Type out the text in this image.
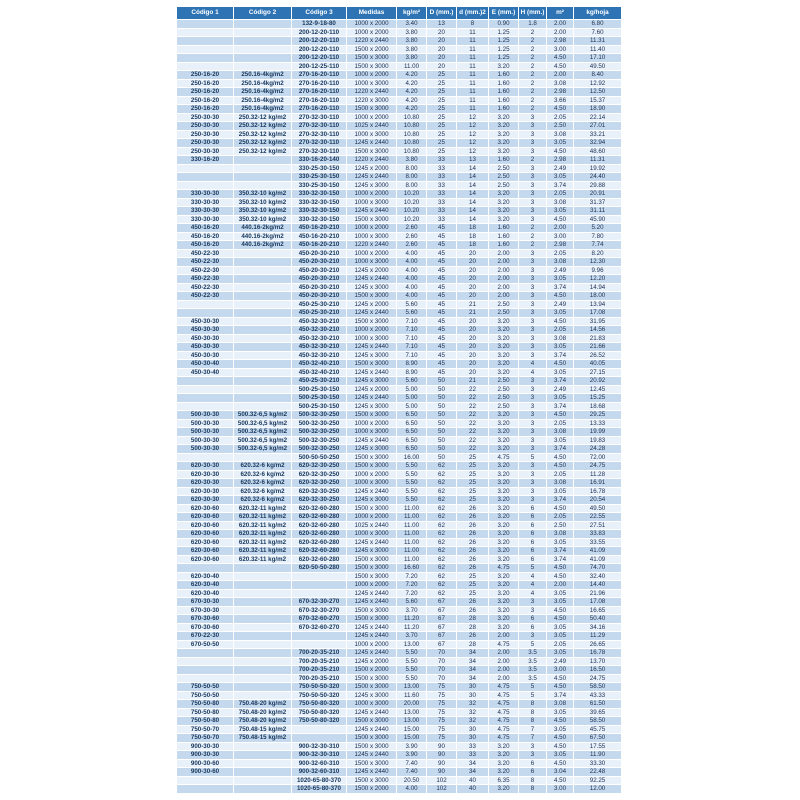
Código 1	Código 2	Código 3	Medidas	kg/m²	D (mm.)	d (mm.)2	E (mm.)	H (mm.)	m²	kg/hoja
		132-9-18-80	1000 x 2000	3.40	13	8	0.90	1.8	2.00	6.80
		200-12-20-110	1000 x 2000	3.80	20	11	1.25	2	2.00	7.60
		200-12-20-110	1220 x 2440	3.80	20	11	1.25	2	2.98	11.31
		200-12-20-110	1500 x 2000	3.80	20	11	1.25	2	3.00	11.40
		200-12-20-110	1500 x 3000	3.80	20	11	1.25	2	4.50	17.10
		200-12-25-110	1500 x 3000	11.00	20	11	3.20	2	4.50	49.50
250-16-20	250.16-4kg/m2	270-16-20-110	1000 x 2000	4.20	25	11	1.60	2	2.00	8.40
250-16-20	250.16-4kg/m2	270-16-20-110	1000 x 3000	4.20	25	11	1.60	2	3.08	12.92
250-16-20	250.16-4kg/m2	270-16-20-110	1220 x 2440	4.20	25	11	1.60	2	2.98	12.50
250-16-20	250.16-4kg/m2	270-16-20-110	1220 x 3000	4.20	25	11	1.60	2	3.66	15.37
250-16-20	250.16-4kg/m2	270-16-20-110	1500 x 3000	4.20	25	11	1.60	2	4.50	18.90
250-30-30	250.32-12 kg/m2	270-32-30-110	1000 x 2000	10.80	25	12	3.20	3	2.05	22.14
250-30-30	250.32-12 kg/m2	270-32-30-110	1025 x 2440	10.80	25	12	3.20	3	2.50	27.01
250-30-30	250.32-12 kg/m2	270-32-30-110	1000 x 3000	10.80	25	12	3.20	3	3.08	33.21
250-30-30	250.32-12 kg/m2	270-32-30-110	1245 x 2440	10.80	25	12	3.20	3	3.05	32.94
250-30-30	250.32-12 kg/m2	270-32-30-110	1500 x 3000	10.80	25	12	3.20	3	4.50	48.60
330-16-20		330-16-20-140	1220 x 2440	3.80	33	13	1.60	2	2.98	11.31
		330-25-30-150	1245 x 2000	8.00	33	14	2.50	3	2.49	19.92
		330-25-30-150	1245 x 2440	8.00	33	14	2.50	3	3.05	24.40
		330-25-30-150	1245 x 3000	8.00	33	14	2.50	3	3.74	29.88
330-30-30	350.32-10 kg/m2	330-32-30-150	1000 x 2000	10.20	33	14	3.20	3	2.05	20.91
330-30-30	350.32-10 kg/m2	330-32-30-150	1000 x 3000	10.20	33	14	3.20	3	3.08	31.37
330-30-30	350.32-10 kg/m2	330-32-30-150	1245 x 2440	10.20	33	14	3.20	3	3.05	31.11
330-30-30	350.32-10 kg/m2	330-32-30-150	1500 x 3000	10.20	33	14	3.20	3	4.50	45.90
450-16-20	440.16-2kg/m2	450-16-20-210	1000 x 2000	2.60	45	18	1.60	2	2.00	5.20
450-16-20	440.16-2kg/m2	450-16-20-210	1000 x 3000	2.60	45	18	1.60	2	3.00	7.80
450-16-20	440.16-2kg/m2	450-16-20-210	1220 x 2440	2.60	45	18	1.60	2	2.98	7.74
450-22-30		450-20-30-210	1000 x 2000	4.00	45	20	2.00	3	2.05	8.20
450-22-30		450-20-30-210	1000 x 3000	4.00	45	20	2.00	3	3.08	12.30
450-22-30		450-20-30-210	1245 x 2000	4.00	45	20	2.00	3	2.49	9.96
450-22-30		450-20-30-210	1245 x 2440	4.00	45	20	2.00	3	3.05	12.20
450-22-30		450-20-30-210	1245 x 3000	4.00	45	20	2.00	3	3.74	14.94
450-22-30		450-20-30-210	1500 x 3000	4.00	45	20	2.00	3	4.50	18.00
		450-25-30-210	1245 x 2000	5.60	45	21	2.50	3	2.49	13.94
		450-25-30-210	1245 x 2440	5.60	45	21	2.50	3	3.05	17.08
450-30-30		450-32-30-210	1500 x 3000	7.10	45	20	3.20	3	4.50	31.95
450-30-30		450-32-30-210	1000 x 2000	7.10	45	20	3.20	3	2.05	14.56
450-30-30		450-32-30-210	1000 x 3000	7.10	45	20	3.20	3	3.08	21.83
450-30-30		450-32-30-210	1245 x 2440	7.10	45	20	3.20	3	3.05	21.66
450-30-30		450-32-30-210	1245 x 3000	7.10	45	20	3.20	3	3.74	26.52
450-30-40		450-32-40-210	1500 x 3000	8.90	45	20	3.20	4	4.50	40.05
450-30-40		450-32-40-210	1245 x 2440	8.90	45	20	3.20	4	3.05	27.15
		450-25-30-210	1245 x 3000	5.60	50	21	2.50	3	3.74	20.92
		500-25-30-150	1245 x 2000	5.00	50	22	2.50	3	2.49	12.45
		500-25-30-150	1245 x 2440	5.00	50	22	2.50	3	3.05	15.25
		500-25-30-150	1245 x 3000	5.00	50	22	2.50	3	3.74	18.68
500-30-30	500.32-6,5 kg/m2	500-32-30-250	1500 x 3000	6.50	50	22	3.20	3	4.50	29.25
500-30-30	500.32-6,5 kg/m2	500-32-30-250	1000 x 2000	6.50	50	22	3.20	3	2.05	13.33
500-30-30	500.32-6,5 kg/m2	500-32-30-250	1000 x 3000	6.50	50	22	3.20	3	3.08	19.99
500-30-30	500.32-6,5 kg/m2	500-32-30-250	1245 x 2440	6.50	50	22	3.20	3	3.05	19.83
500-30-30	500.32-6,5 kg/m2	500-32-30-250	1245 x 3000	6.50	50	22	3.20	3	3.74	24.28
		500-50-50-250	1500 x 3000	16.00	50	25	4.75	5	4.50	72.00
620-30-30	620.32-6 kg/m2	620-32-30-250	1500 x 3000	5.50	62	25	3.20	3	4.50	24.75
620-30-30	620.32-6 kg/m2	620-32-30-250	1000 x 2000	5.50	62	25	3.20	3	2.05	11.28
620-30-30	620.32-6 kg/m2	620-32-30-250	1000 x 3000	5.50	62	25	3.20	3	3.08	16.91
620-30-30	620.32-6 kg/m2	620-32-30-250	1245 x 2440	5.50	62	25	3.20	3	3.05	16.78
620-30-30	620.32-6 kg/m2	620-32-30-250	1245 x 3000	5.50	62	25	3.20	3	3.74	20.54
620-30-60	620.32-11 kg/m2	620-32-60-280	1500 x 3000	11.00	62	26	3.20	6	4.50	49.50
620-30-60	620.32-11 kg/m2	620-32-60-280	1000 x 2000	11.00	62	26	3.20	6	2.05	22.55
620-30-60	620.32-11 kg/m2	620-32-60-280	1025 x 2440	11.00	62	26	3.20	6	2.50	27.51
620-30-60	620.32-11 kg/m2	620-32-60-280	1000 x 3000	11.00	62	26	3.20	6	3.08	33.83
620-30-60	620.32-11 kg/m2	620-32-60-280	1245 x 2440	11.00	62	26	3.20	6	3.05	33.55
620-30-60	620.32-11 kg/m2	620-32-60-280	1245 x 3000	11.00	62	26	3.20	6	3.74	41.09
620-30-60	620.32-11 kg/m2	620-32-60-280	1500 x 3000	11.00	62	26	3.20	6	3.74	41.09
		620-50-50-280	1500 x 3000	16.60	62	26	4.75	5	4.50	74.70
620-30-40			1500 x 3000	7.20	62	25	3.20	4	4.50	32.40
620-30-40			1000 x 2000	7.20	62	25	3.20	4	2.00	14.40
620-30-40			1245 x 2440	7.20	62	25	3.20	4	3.05	21.96
670-30-30		670-32-30-270	1245 x 2440	5.60	67	26	3.20	3	3.05	17.08
670-30-30		670-32-30-270	1500 x 3000	3.70	67	26	3.20	3	4.50	16.65
670-30-60		670-32-60-270	1500 x 3000	11.20	67	28	3.20	6	4.50	50.40
670-30-60		670-32-60-270	1245 x 2440	11.20	67	28	3.20	6	3.05	34.16
670-22-30			1245 x 2440	3.70	67	26	2.00	3	3.05	11.29
670-50-50			1000 x 2000	13.00	67	28	4.75	5	2.05	26.65
		700-20-35-210	1245 x 2440	5.50	70	34	2.00	3.5	3.05	16.78
		700-20-35-210	1245 x 2000	5.50	70	34	2.00	3.5	2.49	13.70
		700-20-35-210	1500 x 2000	5.50	70	34	2.00	3.5	3.00	16.50
		700-20-35-210	1500 x 3000	5.50	70	34	2.00	3.5	4.50	24.75
750-50-50		750-50-50-320	1500 x 3000	13.00	75	30	4.75	5	4.50	58.50
750-50-50		750-50-50-320	1245 x 3000	11.60	75	30	4.75	5	3.74	43.33
750-50-80	750.48-20 kg/m2	750-50-80-320	1000 x 3000	20.00	75	32	4.75	8	3.08	61.50
750-50-80	750.48-20 kg/m2	750-50-80-320	1245 x 2440	13.00	75	32	4.75	8	3.05	39.65
750-50-80	750.48-20 kg/m2	750-50-80-320	1500 x 3000	13.00	75	32	4.75	8	4.50	58.50
750-50-70	750.48-15 kg/m2		1245 x 2440	15.00	75	30	4.75	7	3.05	45.75
750-50-70	750.48-15 kg/m2		1500 x 3000	15.00	75	30	4.75	7	4.50	67.50
900-30-30		900-32-30-310	1500 x 3000	3.90	90	33	3.20	3	4.50	17.55
900-30-30		900-32-30-310	1245 x 2440	3.90	90	33	3.20	3	3.05	11.90
900-30-60		900-32-60-310	1500 x 3000	7.40	90	34	3.20	6	4.50	33.30
900-30-60		900-32-60-310	1245 x 2440	7.40	90	34	3.20	6	3.04	22.48
		1020-65-80-370	1500 x 3000	20.50	102	40	6.35	8	4.50	92.25
		1020-65-80-370	1500 x 2000	4.00	102	40	3.20	8	3.00	12.00
